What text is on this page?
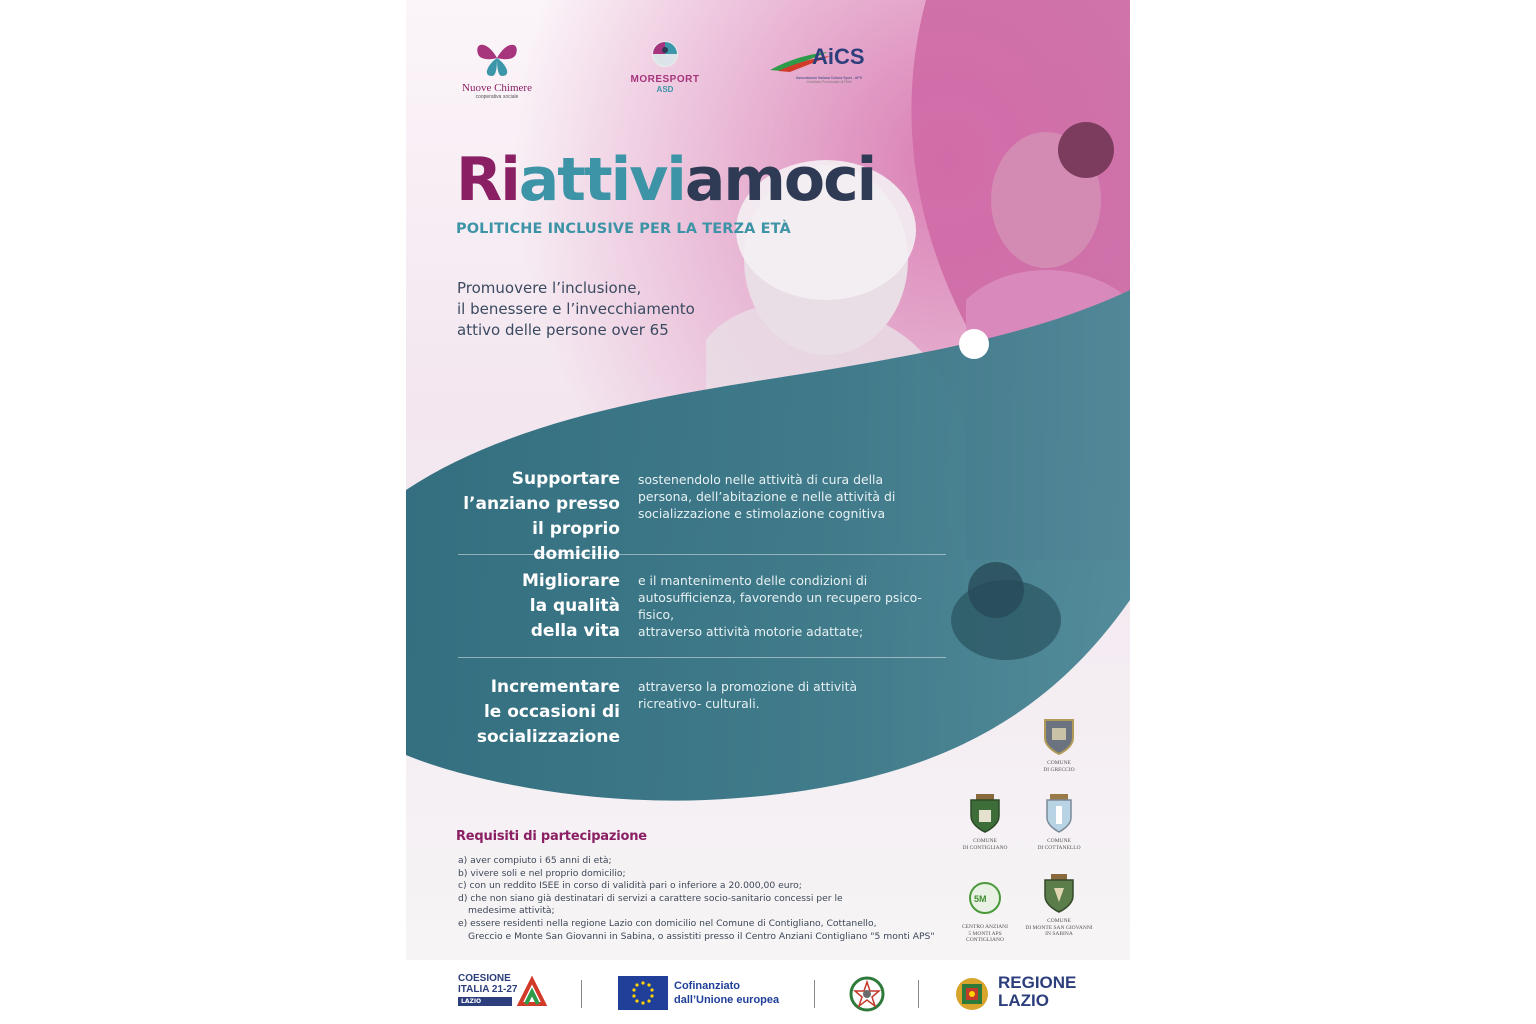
Nuove Chimere
cooperativa sociale
MORESPORT
ASD
AiCS
Associazione Italiana Cultura Sport - APS
Comitato Provinciale di Rieti
Riattiviamoci
POLITICHE INCLUSIVE PER LA TERZA ETÀ
Promuovere l’inclusione,
il benessere e l’invecchiamento
attivo delle persone over 65
Supportare
l’anziano presso
il proprio domicilio
sostenendolo nelle attività di cura della
persona, dell’abitazione e nelle attività di
socializzazione e stimolazione cognitiva
Migliorare
la qualità
della vita
e il mantenimento delle condizioni di
autosufficienza, favorendo un recupero psico-fisico,
attraverso attività motorie adattate;
Incrementare
le occasioni di
socializzazione
attraverso la promozione di attività
ricreativo- culturali.
Requisiti di partecipazione
a) aver compiuto i 65 anni di età;
b) vivere soli e nel proprio domicilio;
c) con un reddito ISEE in corso di validità pari o inferiore a 20.000,00 euro;
d) che non siano già destinatari di servizi a carattere socio-sanitario concessi per le
medesime attività;
e) essere residenti nella regione Lazio con domicilio nel Comune di Contigliano, Cottanello,
Greccio e Monte San Giovanni in Sabina, o assistiti presso il Centro Anziani Contigliano "5 monti APS"
COMUNE
DI GRECCIO
COMUNE
DI CONTIGLIANO
COMUNE
DI COTTANELLO
5M
CENTRO ANZIANI
5 MONTI APS
CONTIGLIANO
COMUNE
DI MONTE SAN GIOVANNI
IN SABINA
COESIONE
ITALIA 21-27
LAZIO
Cofinanziato
dall’Unione europea
REGIONE
LAZIO
